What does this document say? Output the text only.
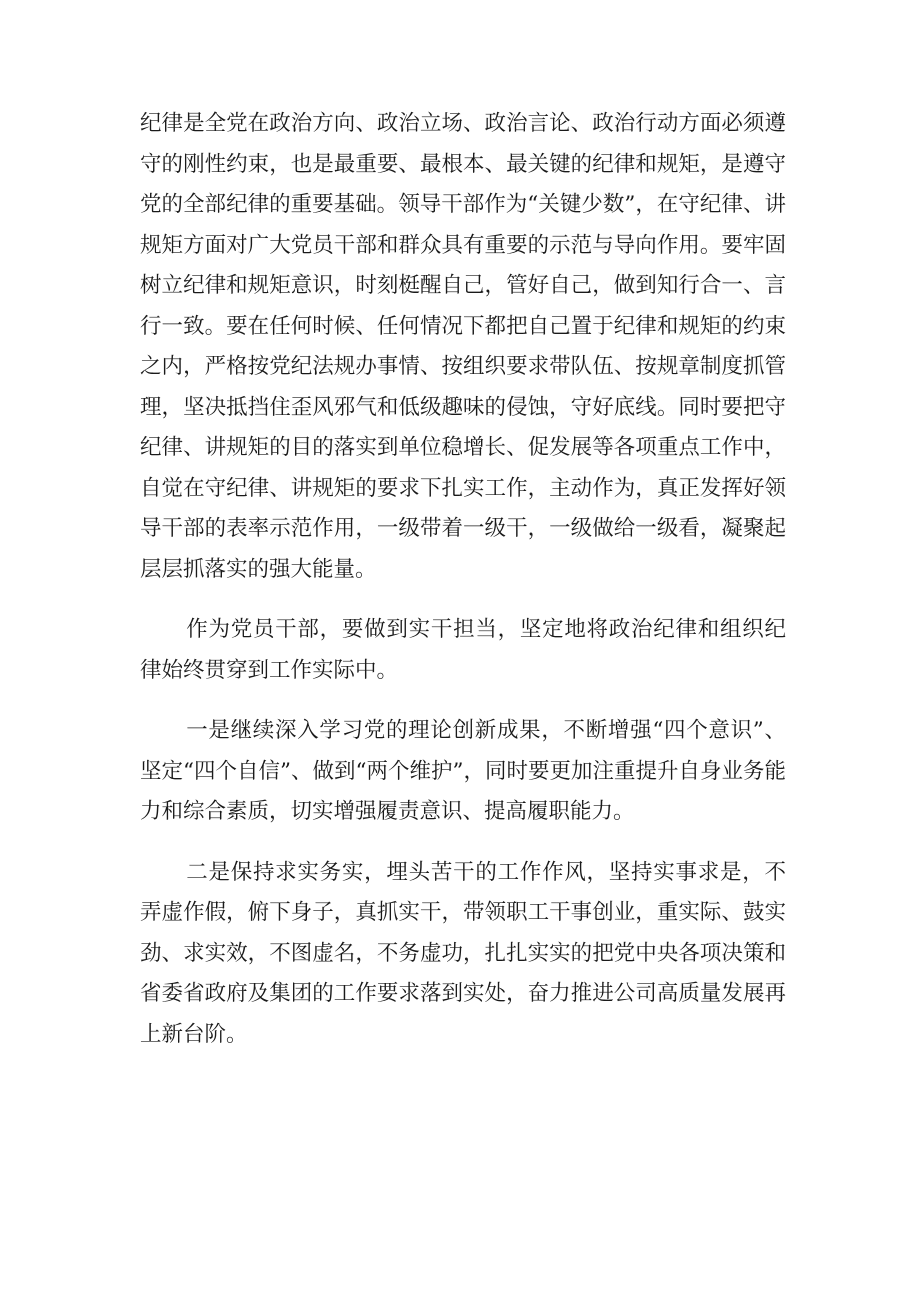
纪律是全党在政治方向、政治立场、政治言论、政治行动方面必须遵守的刚性约束，也是最重要、最根本、最关键的纪律和规矩，是遵守党的全部纪律的重要基础。领导干部作为“关键少数”，在守纪律、讲规矩方面对广大党员干部和群众具有重要的示范与导向作用。要牢固树立纪律和规矩意识，时刻梃醒自己，管好自己，做到知行合一、言行一致。要在任何时候、任何情况下都把自己置于纪律和规矩的约束之内，严格按党纪法规办事情、按组织要求带队伍、按规章制度抓管理，坚决抵挡住歪风邪气和低级趣味的侵蚀，守好底线。同时要把守纪律、讲规矩的目的落实到单位稳增长、促发展等各项重点工作中，自觉在守纪律、讲规矩的要求下扎实工作，主动作为，真正发挥好领导干部的表率示范作用，一级带着一级干，一级做给一级看，凝聚起层层抓落实的强大能量。

作为党员干部，要做到实干担当，坚定地将政治纪律和组织纪律始终贯穿到工作实际中。

一是继续深入学习党的理论创新成果，不断增强“四个意识”、坚定“四个自信”、做到“两个维护”，同时要更加注重提升自身业务能力和综合素质，切实增强履责意识、提高履职能力。

二是保持求实务实，埋头苦干的工作作风，坚持实事求是，不弄虚作假，俯下身子，真抓实干，带领职工干事创业，重实际、鼓实劲、求实效，不图虚名，不务虚功，扎扎实实的把党中央各项决策和省委省政府及集团的工作要求落到实处，奋力推进公司高质量发展再上新台阶。
